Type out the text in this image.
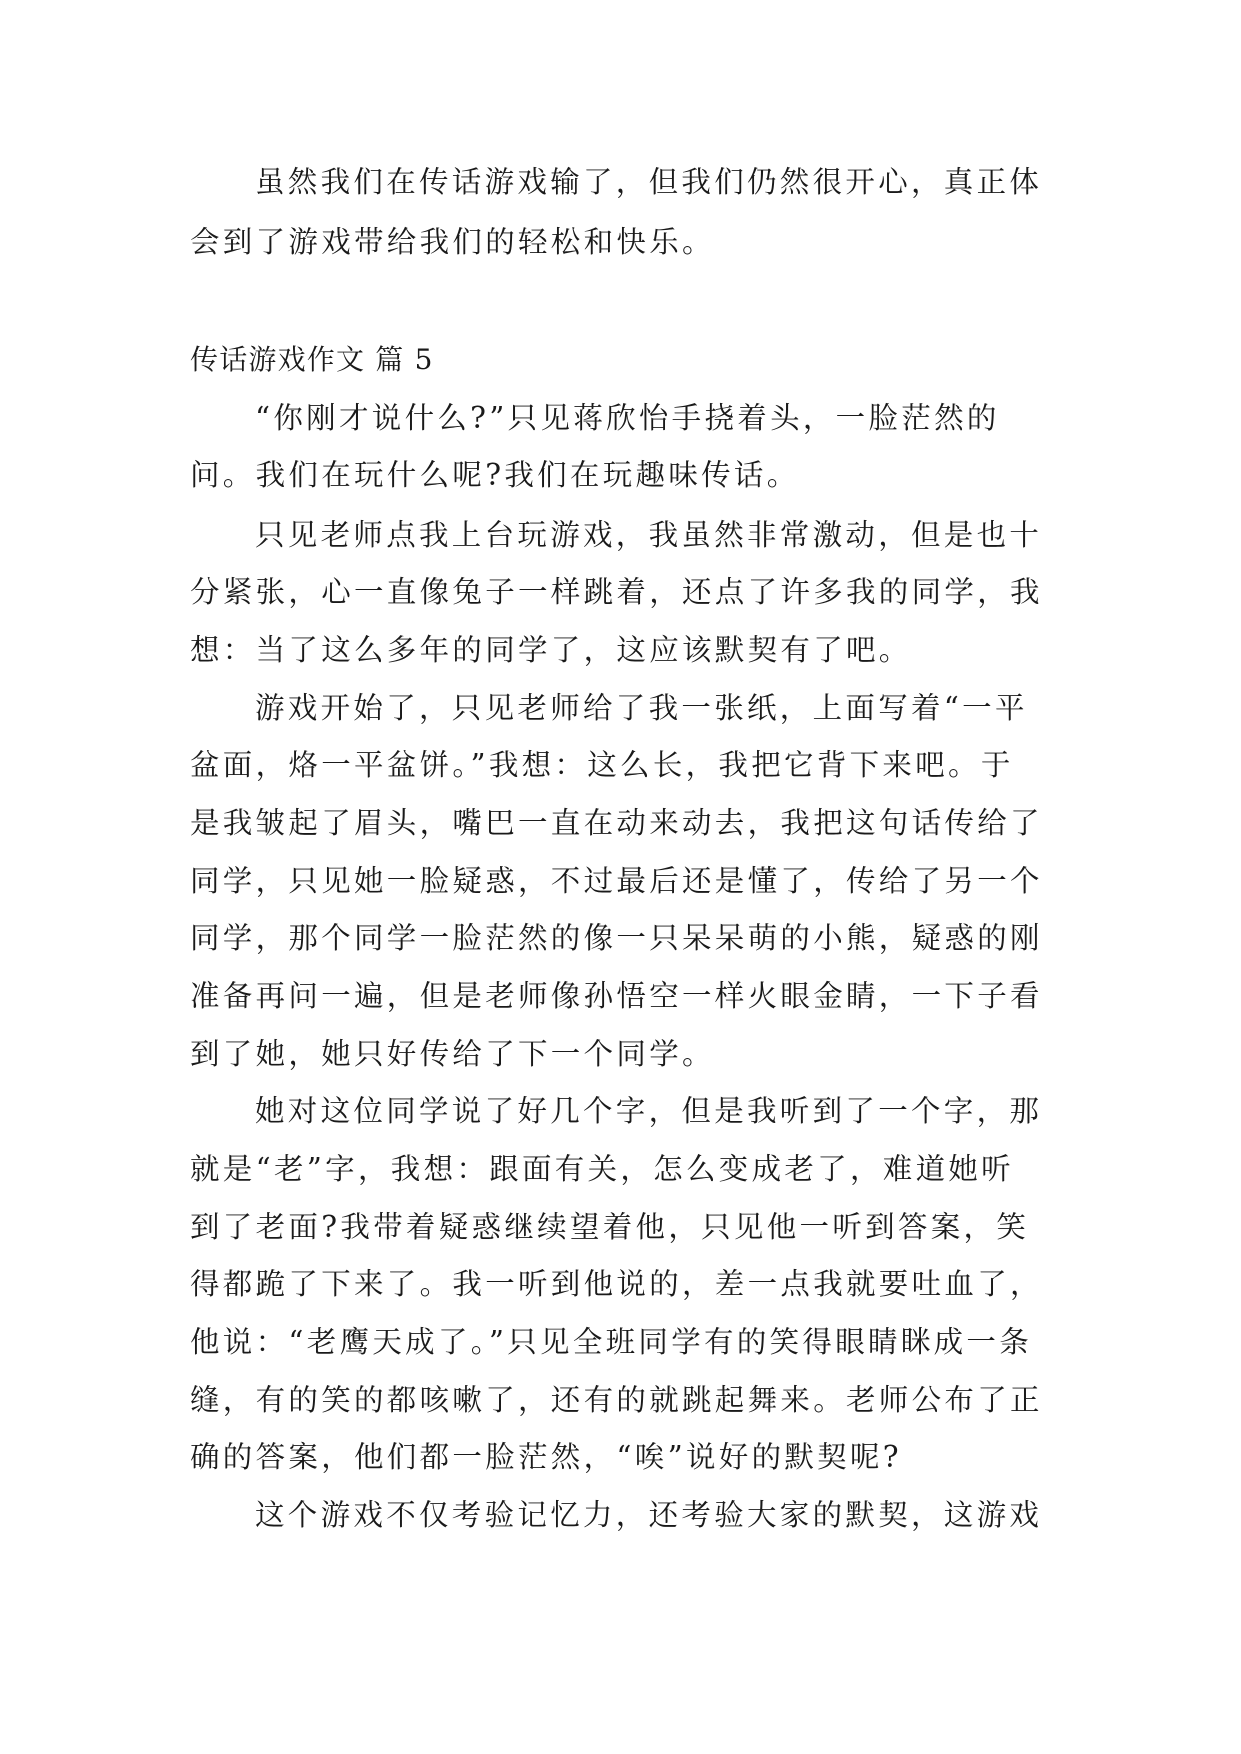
虽然我们在传话游戏输了，但我们仍然很开心，真正体
会到了游戏带给我们的轻松和快乐。
传话游戏作文 篇 5
“你刚才说什么?”只见蒋欣怡手挠着头，一脸茫然的
问。我们在玩什么呢?我们在玩趣味传话。
只见老师点我上台玩游戏，我虽然非常激动，但是也十
分紧张，心一直像兔子一样跳着，还点了许多我的同学，我
想：当了这么多年的同学了，这应该默契有了吧。
游戏开始了，只见老师给了我一张纸，上面写着“一平
盆面，烙一平盆饼。”我想：这么长，我把它背下来吧。于
是我皱起了眉头，嘴巴一直在动来动去，我把这句话传给了
同学，只见她一脸疑惑，不过最后还是懂了，传给了另一个
同学，那个同学一脸茫然的像一只呆呆萌的小熊，疑惑的刚
准备再问一遍，但是老师像孙悟空一样火眼金睛，一下子看
到了她，她只好传给了下一个同学。
她对这位同学说了好几个字，但是我听到了一个字，那
就是“老”字，我想：跟面有关，怎么变成老了，难道她听
到了老面?我带着疑惑继续望着他，只见他一听到答案，笑
得都跪了下来了。我一听到他说的，差一点我就要吐血了，
他说：“老鹰天成了。”只见全班同学有的笑得眼睛眯成一条
缝，有的笑的都咳嗽了，还有的就跳起舞来。老师公布了正
确的答案，他们都一脸茫然，“唉”说好的默契呢?
这个游戏不仅考验记忆力，还考验大家的默契，这游戏
